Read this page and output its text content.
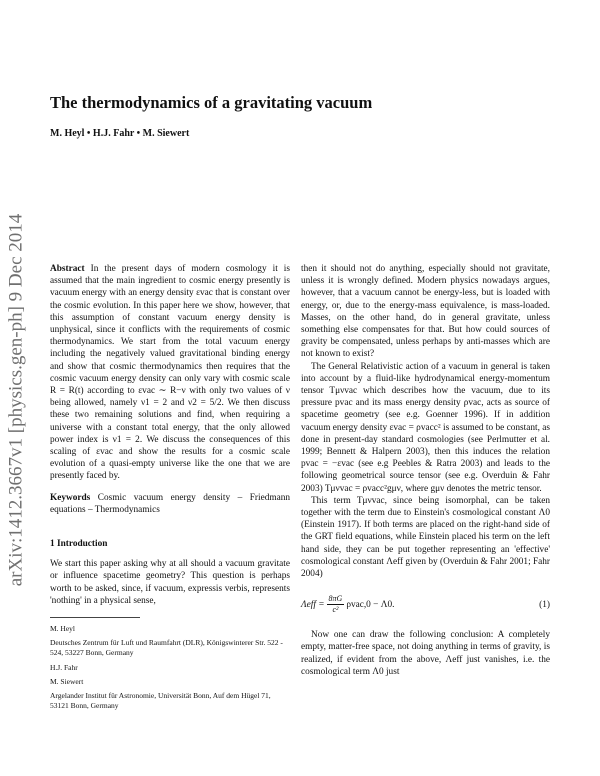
arXiv:1412.3667v1 [physics.gen-ph] 9 Dec 2014
The thermodynamics of a gravitating vacuum
M. Heyl • H.J. Fahr • M. Siewert

Abstract In the present days of modern cosmology it is assumed that the main ingredient to cosmic energy presently is vacuum energy with an energy density εvac that is constant over the cosmic evolution. In this paper here we show, however, that this assumption of constant vacuum energy density is unphysical, since it conflicts with the requirements of cosmic thermodynamics. We start from the total vacuum energy including the negatively valued gravitational binding energy and show that cosmic thermodynamics then requires that the cosmic vacuum energy density can only vary with cosmic scale R = R(t) according to εvac ∼ R−ν with only two values of ν being allowed, namely ν1 = 2 and ν2 = 5/2. We then discuss these two remaining solutions and find, when requiring a universe with a constant total energy, that the only allowed power index is ν1 = 2. We discuss the consequences of this scaling of εvac and show the results for a cosmic scale evolution of a quasi-empty universe like the one that we are presently faced by.

Keywords Cosmic vacuum energy density – Friedmann equations – Thermodynamics

1 Introduction

We start this paper asking why at all should a vacuum gravitate or influence spacetime geometry? This question is perhaps worth to be asked, since, if vacuum, expressis verbis, represents 'nothing' in a physical sense,

M. Heyl
Deutsches Zentrum für Luft und Raumfahrt (DLR), Königswinterer Str. 522 - 524, 53227 Bonn, Germany
H.J. Fahr
M. Siewert
Argelander Institut für Astronomie, Universität Bonn, Auf dem Hügel 71, 53121 Bonn, Germany

then it should not do anything, especially should not gravitate, unless it is wrongly defined. Modern physics nowadays argues, however, that a vacuum cannot be energy-less, but is loaded with energy, or, due to the energy-mass equivalence, is mass-loaded. Masses, on the other hand, do in general gravitate, unless something else compensates for that. But how could sources of gravity be compensated, unless perhaps by anti-masses which are not known to exist?

The General Relativistic action of a vacuum in general is taken into account by a fluid-like hydrodynamical energy-momentum tensor Tμνvac which describes how the vacuum, due to its pressure pvac and its mass energy density ρvac, acts as source of spacetime geometry (see e.g. Goenner 1996). If in addition vacuum energy density εvac = ρvacc² is assumed to be constant, as done in present-day standard cosmologies (see Perlmutter et al. 1999; Bennett & Halpern 2003), then this induces the relation pvac = −εvac (see e.g Peebles & Ratra 2003) and leads to the following geometrical source tensor (see e.g. Overduin & Fahr 2003) Tμνvac = ρvacc²gμν, where gμν denotes the metric tensor.

This term Tμνvac, since being isomorphal, can be taken together with the term due to Einstein's cosmological constant Λ0 (Einstein 1917). If both terms are placed on the right-hand side of the GRT field equations, while Einstein placed his term on the left hand side, they can be put together representing an 'effective' cosmological constant Λeff given by (Overduin & Fahr 2001; Fahr 2004)

$\Lambda eff = \frac{8\pi G}{\text{c²}} \rho vac,0 - \Lambda 0$.	(1)

Now one can draw the following conclusion: A completely empty, matter-free space, not doing anything in terms of gravity, is realized, if evident from the above, Λeff just vanishes, i.e. the cosmological term Λ0 just
